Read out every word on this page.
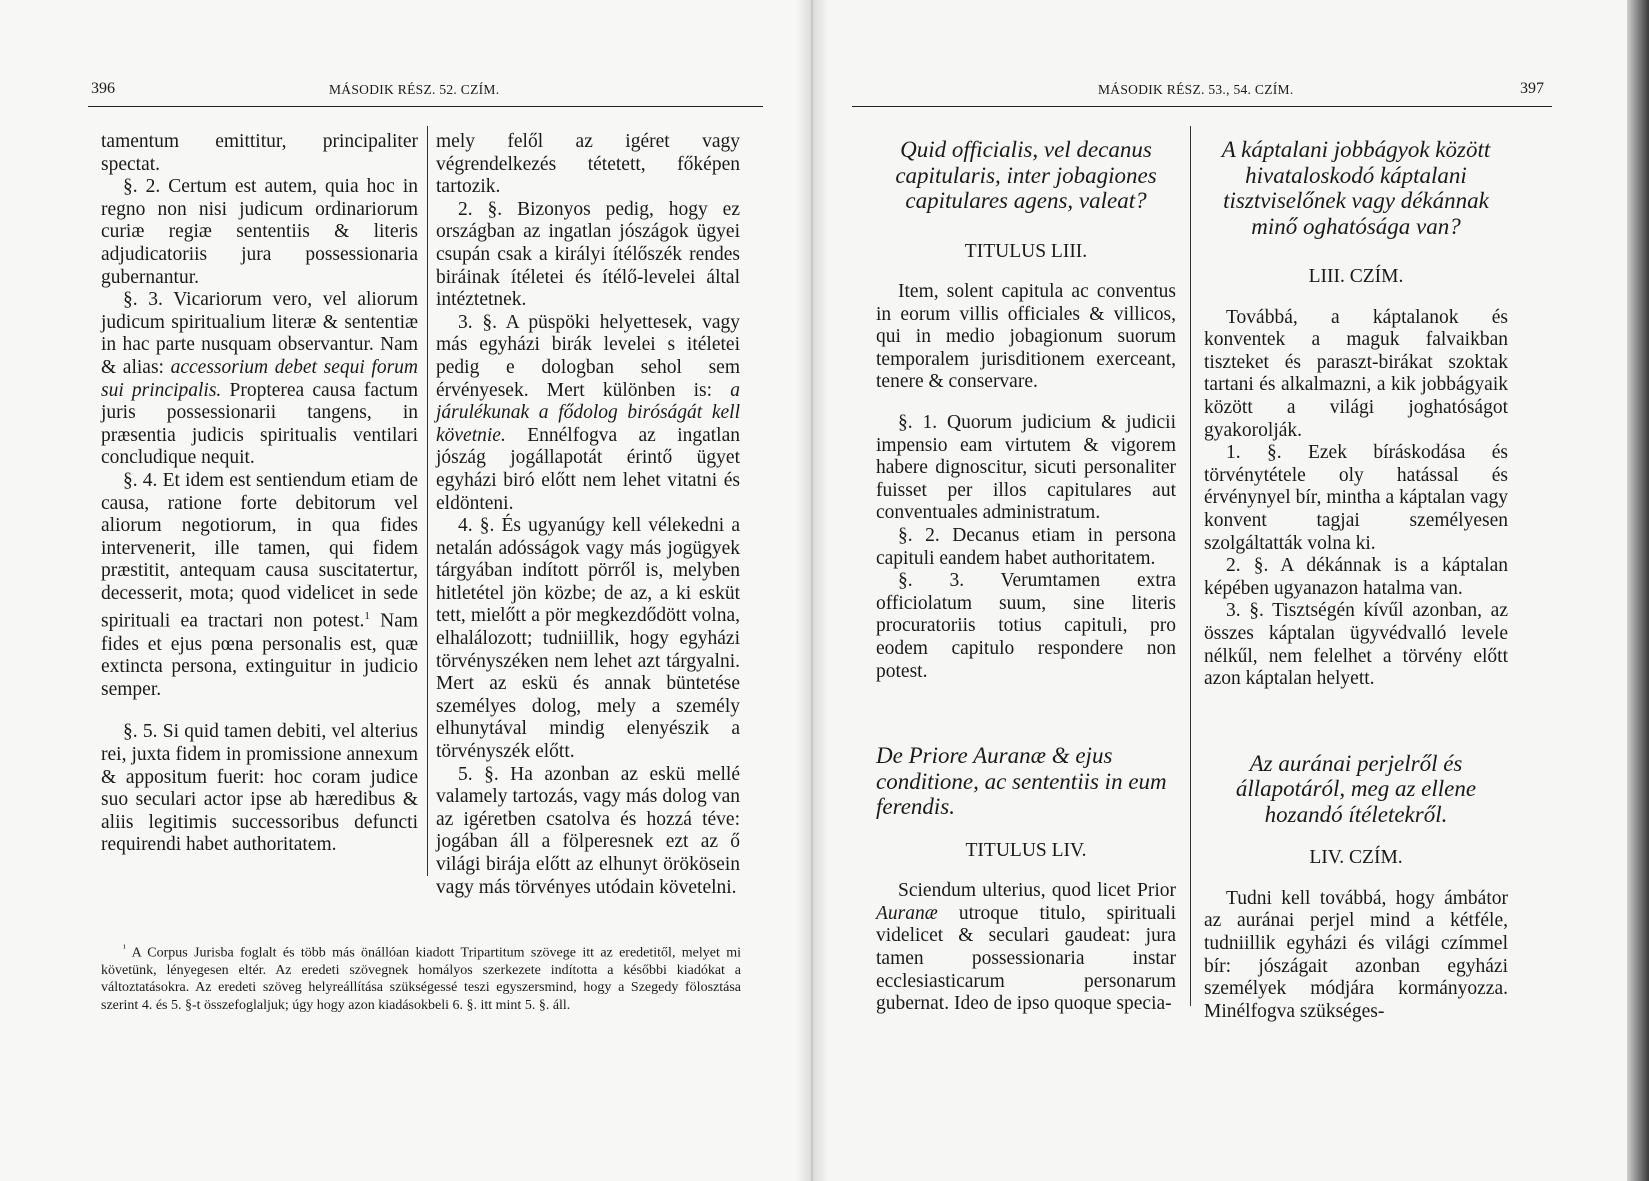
396	MÁSODIK RÉSZ. 52. CZÍM.

tamentum emittitur, principaliter spectat.

§. 2. Certum est autem, quia hoc in regno non nisi judicum ordinariorum curiæ regiæ sententiis & literis adjudicatoriis jura possessionaria gubernantur.

§. 3. Vicariorum vero, vel aliorum judicum spiritualium literæ & sententiæ in hac parte nusquam observantur. Nam & alias: accessorium debet sequi forum sui principalis. Propterea causa factum juris possessionarii tangens, in præsentia judicis spiritualis ventilari concludique nequit.

§. 4. Et idem est sentiendum etiam de causa, ratione forte debitorum vel aliorum negotiorum, in qua fides intervenerit, ille tamen, qui fidem præstitit, antequam causa suscitatertur, decesserit, mota; quod videlicet in sede spirituali ea tractari non potest.$^1$ Nam fides et ejus pœna personalis est, quæ extincta persona, extinguitur in judicio semper.

§. 5. Si quid tamen debiti, vel alterius rei, juxta fidem in promissione annexum & appositum fuerit: hoc coram judice suo seculari actor ipse ab hæredibus & aliis legitimis successoribus defuncti requirendi habet authoritatem.

mely felől az igéret vagy végrendelkezés tétetett, főképen tartozik.

2. §. Bizonyos pedig, hogy ez országban az ingatlan jószágok ügyei csupán csak a királyi ítélőszék rendes biráinak ítéletei és ítélő-levelei által intéztetnek.

3. §. A püspöki helyettesek, vagy más egyházi birák levelei s itéletei pedig e dologban sehol sem érvényesek. Mert különben is: a járulékunak a fődolog biróságát kell követnie. Ennélfogva az ingatlan jószág jogállapotát érintő ügyet egyházi biró előtt nem lehet vitatni és eldönteni.

4. §. És ugyanúgy kell vélekedni a netalán adósságok vagy más jogügyek tárgyában indított pörről is, melyben hitletétel jön közbe; de az, a ki esküt tett, mielőtt a pör megkezdődött volna, elhalálozott; tudniillik, hogy egyházi törvényszéken nem lehet azt tárgyalni. Mert az eskü és annak büntetése személyes dolog, mely a személy elhunytával mindig elenyészik a törvényszék előtt.

5. §. Ha azonban az eskü mellé valamely tartozás, vagy más dolog van az igéretben csatolva és hozzá téve: jogában áll a fölperesnek ezt az ő világi birája előtt az elhunyt örökösein vagy más törvényes utódain követelni.

$^{^1}$ A Corpus Jurisba foglalt és több más önállóan kiadott Tripartitum szövege itt az eredetitől, melyet mi követünk, lényegesen eltér. Az eredeti szövegnek homályos szerkezete indította a későbbi kiadókat a változtatásokra. Az eredeti szöveg helyreállítása szükségessé teszi egyszersmind, hogy a Szegedy fölosztása szerint 4. és 5. §-t összefoglaljuk; úgy hogy azon kiadásokbeli 6. §. itt mint 5. §. áll.

MÁSODIK RÉSZ. 53., 54. CZÍM.	397

Quid officialis, vel decanus capitularis, inter jobagiones capitulares agens, valeat?

TITULUS LIII.

Item, solent capitula ac conventus in eorum villis officiales & villicos, qui in medio jobagionum suorum temporalem jurisditionem exerceant, tenere & conservare.

§. 1. Quorum judicium & judicii impensio eam virtutem & vigorem habere dignoscitur, sicuti personaliter fuisset per illos capitulares aut conventuales administratum.

§. 2. Decanus etiam in persona capituli eandem habet authoritatem.

§. 3. Verumtamen extra officiolatum suum, sine literis procuratoriis totius capituli, pro eodem capitulo respondere non potest.

De Priore Auranæ & ejus conditione, ac sententiis in eum ferendis.

TITULUS LIV.

Sciendum ulterius, quod licet Prior Auranæ utroque titulo, spirituali videlicet & seculari gaudeat: jura tamen possessionaria instar ecclesiasticarum personarum gubernat. Ideo de ipso quoque specia-

A káptalani jobbágyok között hivataloskodó káptalani tisztviselőnek vagy dékánnak minő oghatósága van?

LIII. CZÍM.

Továbbá, a káptalanok és konventek a maguk falvaikban tiszteket és paraszt-birákat szoktak tartani és alkalmazni, a kik jobbágyaik között a világi joghatóságot gyakorolják.

1. §. Ezek bíráskodása és törvénytétele oly hatással és érvénynyel bír, mintha a káptalan vagy konvent tagjai személyesen szolgáltatták volna ki.

2. §. A dékánnak is a káptalan képében ugyanazon hatalma van.

3. §. Tisztségén kívűl azonban, az összes káptalan ügyvédvalló levele nélkűl, nem felelhet a törvény előtt azon káptalan helyett.

Az auránai perjelről és állapotáról, meg az ellene hozandó ítéletekről.

LIV. CZÍM.

Tudni kell továbbá, hogy ámbátor az auránai perjel mind a kétféle, tudniillik egyházi és világi czímmel bír: jószágait azonban egyházi személyek módjára kormányozza. Minélfogva szükséges-
